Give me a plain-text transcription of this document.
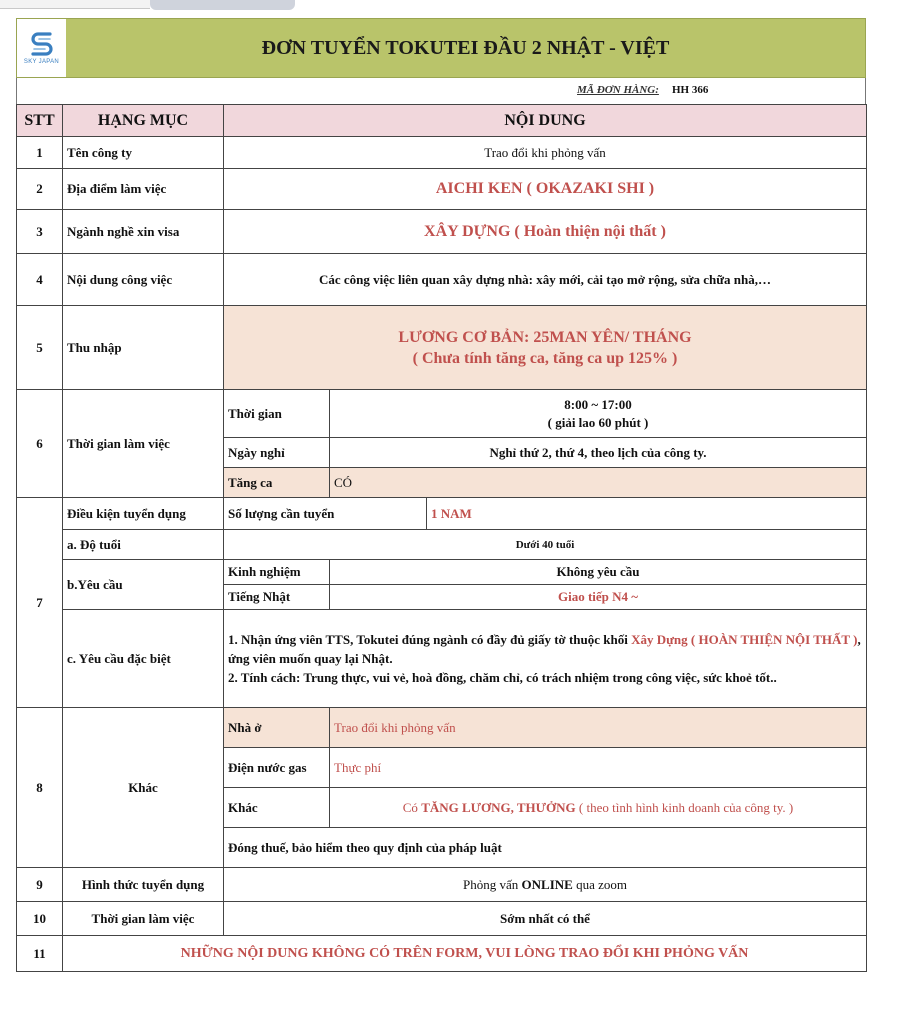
SKY JAPAN
ĐƠN TUYỂN TOKUTEI ĐẦU 2 NHẬT - VIỆT
MÃ ĐƠN HÀNG: HH 366
STT	HẠNG MỤC	NỘI DUNG		
1	Tên công ty	Trao đổi khi phỏng vấn		
2	Địa điểm làm việc	AICHI KEN ( OKAZAKI SHI )		
3	Ngành nghề xin visa	XÂY DỰNG ( Hoàn thiện nội thất )		
4	Nội dung công việc	Các công việc liên quan xây dựng nhà: xây mới, cải tạo mở rộng, sửa chữa nhà,…		
5	Thu nhập	LƯƠNG CƠ BẢN: 25MAN YÊN/ THÁNG
( Chưa tính tăng ca, tăng ca up 125% )		

6	Thời gian làm việc	Thời gian	8:00 ~ 17:00
( giải lao 60 phút )	

		Ngày nghỉ	Nghỉ thứ 2, thứ 4, theo lịch của công ty.	
		Tăng ca	CÓ	
7	Điều kiện tuyển dụng	Số lượng cần tuyển		1 NAM
	a. Độ tuổi	Dưới 40 tuổi		
	b.Yêu cầu	Kinh nghiệm	Không yêu cầu	
		Tiếng Nhật	Giao tiếp N4 ~	
	c. Yêu cầu đặc biệt	1. Nhận ứng viên TTS, Tokutei đúng ngành có đầy đủ giấy tờ thuộc khối Xây Dựng ( HOÀN THIỆN NỘI THẤT ), ứng viên muốn quay lại Nhật.
2. Tính cách: Trung thực, vui vẻ, hoà đồng, chăm chỉ, có trách nhiệm trong công việc, sức khoẻ tốt..		

8	Khác	Nhà ở	Trao đổi khi phỏng vấn	
		Điện nước gas	Thực phí	
		Khác	Có TĂNG LƯƠNG, THƯỞNG ( theo tình hình kinh doanh của công ty. )	
		Đóng thuế, bảo hiểm theo quy định của pháp luật		
9	Hình thức tuyển dụng	Phỏng vấn ONLINE qua zoom		
10	Thời gian làm việc	Sớm nhất có thể		
11	NHỮNG NỘI DUNG KHÔNG CÓ TRÊN FORM, VUI LÒNG TRAO ĐỔI KHI PHỎNG VẤN			
